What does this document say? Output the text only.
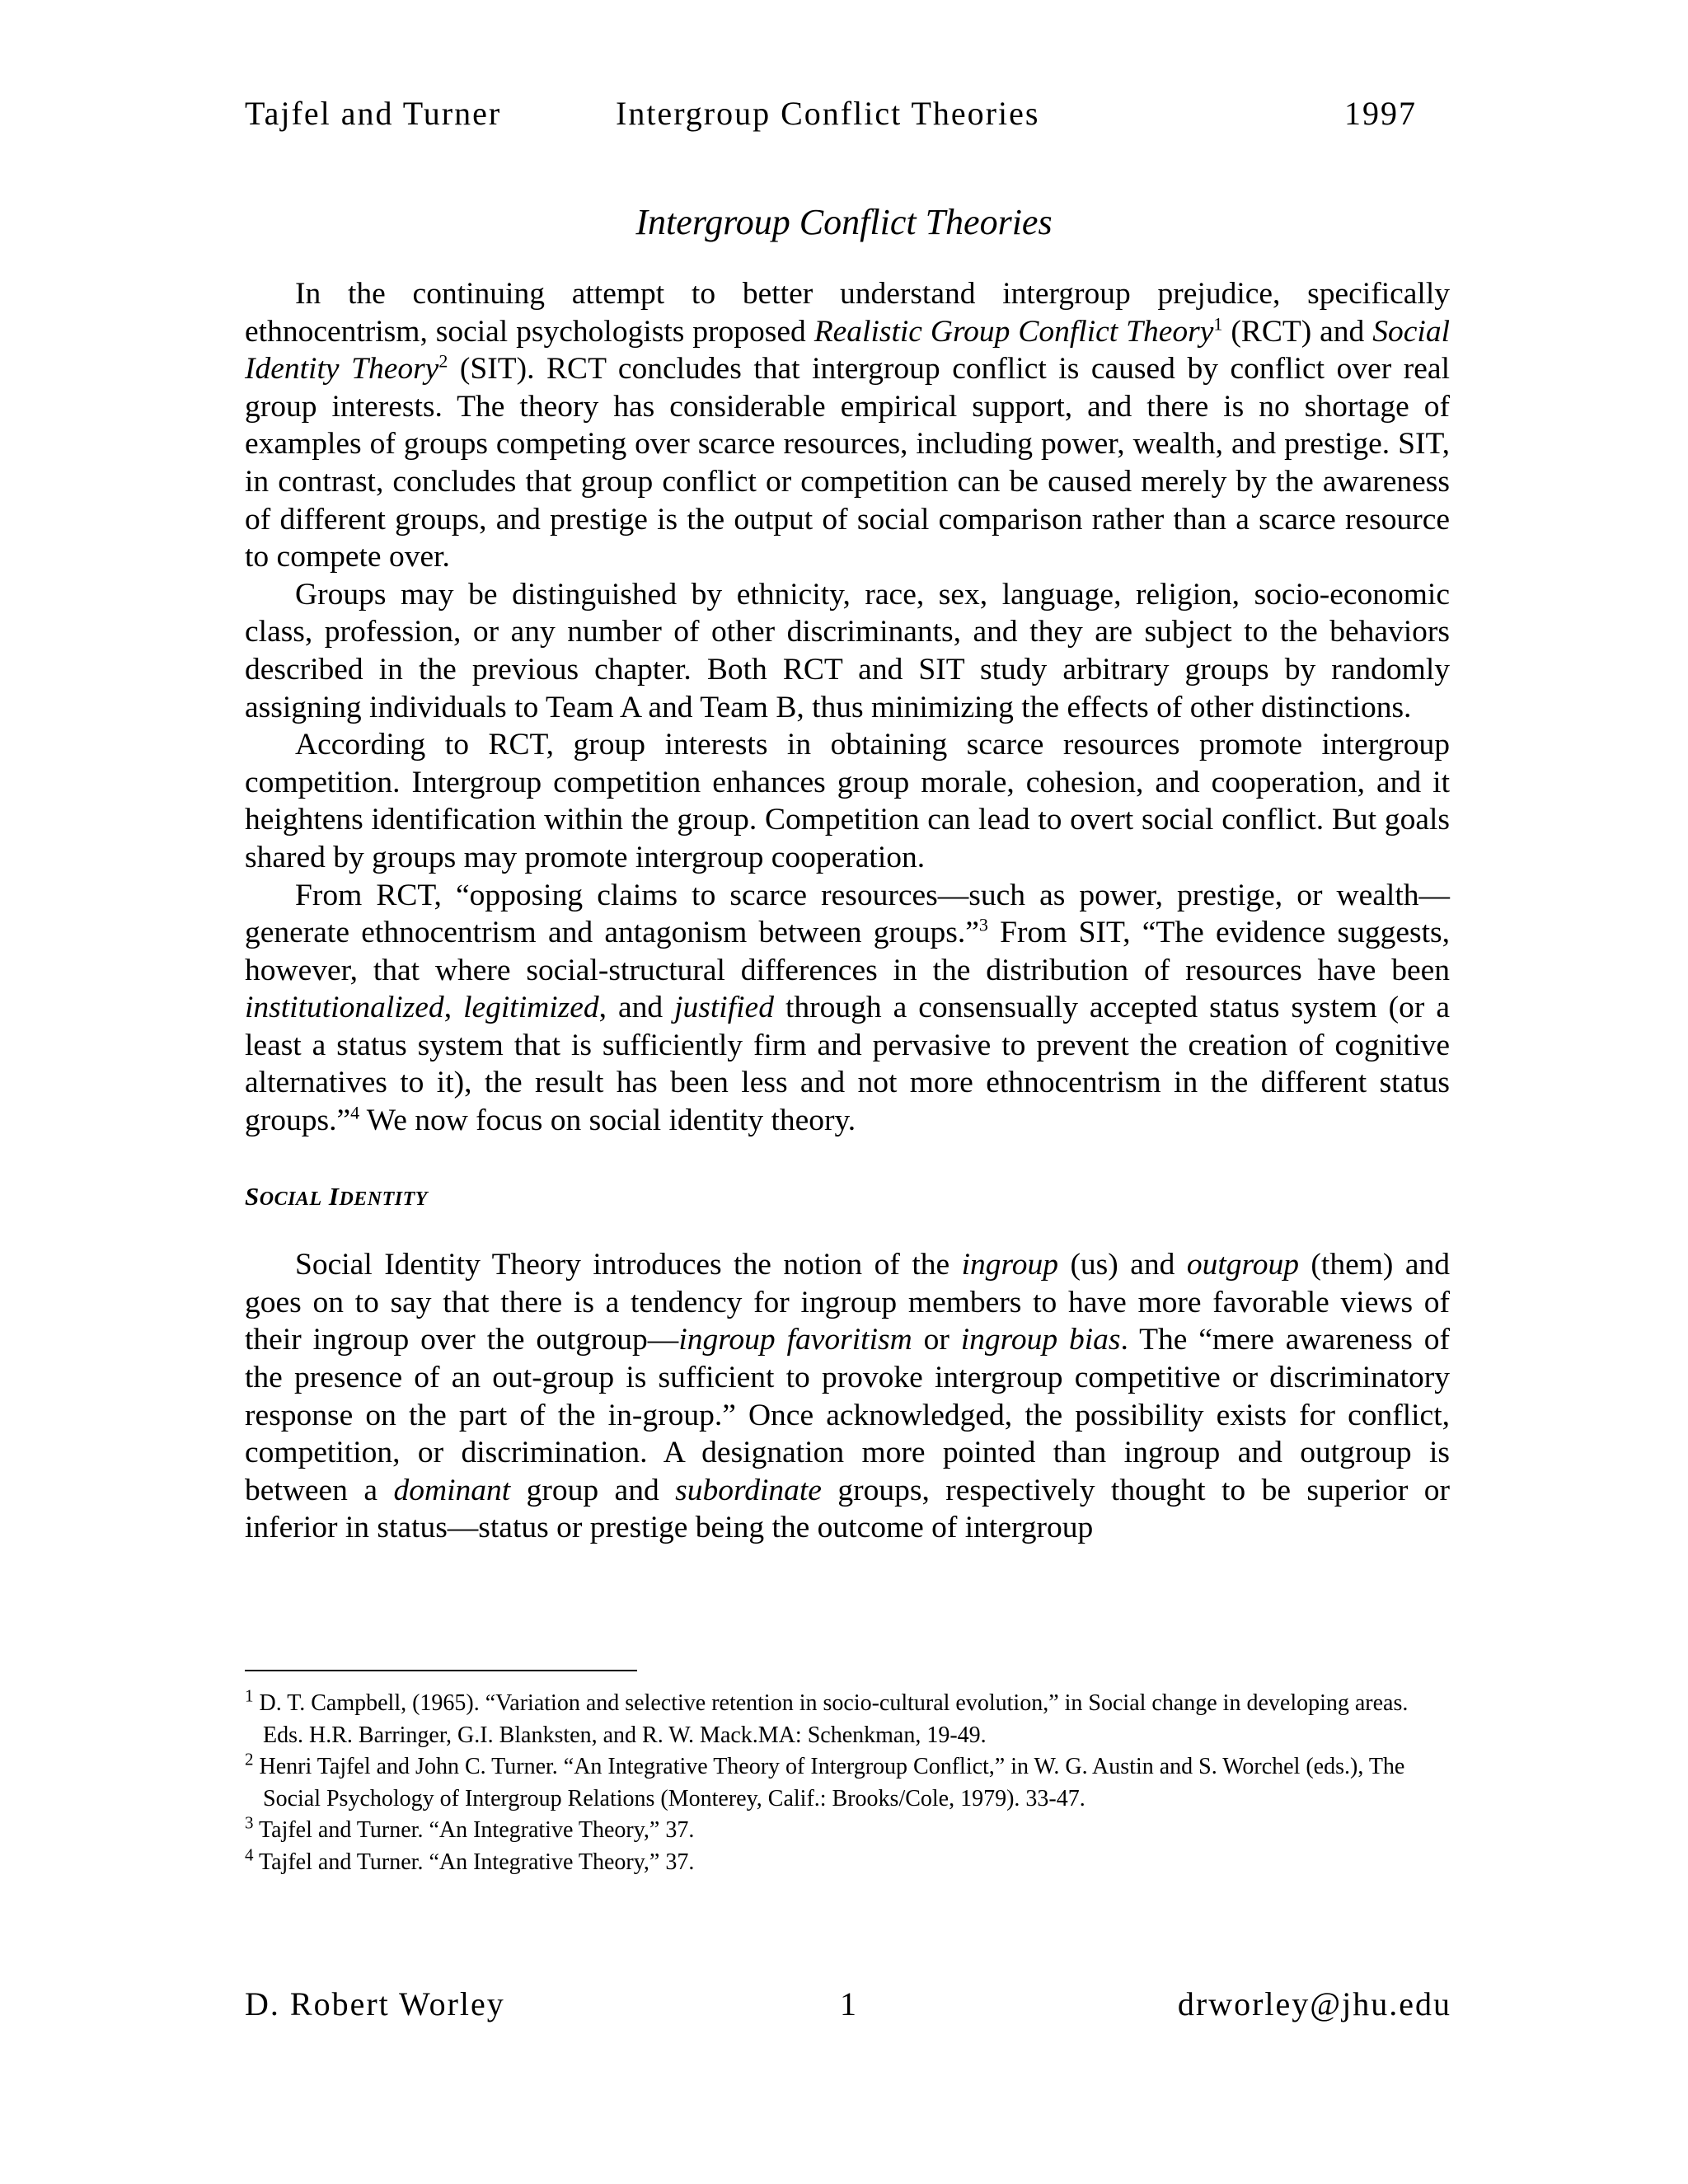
Tajfel and Turner	Intergroup Conflict Theories	1997
Intergroup Conflict Theories

In the continuing attempt to better understand intergroup prejudice, specifically ethnocentrism, social psychologists proposed Realistic Group Conflict Theory$^1$ (RCT) and Social Identity Theory$^2$ (SIT). RCT concludes that intergroup conflict is caused by conflict over real group interests. The theory has considerable empirical support, and there is no shortage of examples of groups competing over scarce resources, including power, wealth, and prestige. SIT, in contrast, concludes that group conflict or competition can be caused merely by the awareness of different groups, and prestige is the output of social comparison rather than a scarce resource to compete over.

Groups may be distinguished by ethnicity, race, sex, language, religion, socio-economic class, profession, or any number of other discriminants, and they are subject to the behaviors described in the previous chapter. Both RCT and SIT study arbitrary groups by randomly assigning individuals to Team A and Team B, thus minimizing the effects of other distinctions.

According to RCT, group interests in obtaining scarce resources promote intergroup competition. Intergroup competition enhances group morale, cohesion, and cooperation, and it heightens identification within the group. Competition can lead to overt social conflict. But goals shared by groups may promote intergroup cooperation.

From RCT, “opposing claims to scarce resources—such as power, prestige, or wealth—generate ethnocentrism and antagonism between groups.”$^3$ From SIT, “The evidence suggests, however, that where social-structural differences in the distribution of resources have been institutionalized, legitimized, and justified through a consensually accepted status system (or a least a status system that is sufficiently firm and pervasive to prevent the creation of cognitive alternatives to it), the result has been less and not more ethnocentrism in the different status groups.”$^4$ We now focus on social identity theory.

SOCIAL IDENTITY

Social Identity Theory introduces the notion of the ingroup (us) and outgroup (them) and goes on to say that there is a tendency for ingroup members to have more favorable views of their ingroup over the outgroup—ingroup favoritism or ingroup bias. The “mere awareness of the presence of an out-group is sufficient to provoke intergroup competitive or discriminatory response on the part of the in-group.” Once acknowledged, the possibility exists for conflict, competition, or discrimination. A designation more pointed than ingroup and outgroup is between a dominant group and subordinate groups, respectively thought to be superior or inferior in status—status or prestige being the outcome of intergroup

$^1$ D. T. Campbell, (1965). “Variation and selective retention in socio-cultural evolution,” in Social change in developing areas. Eds. H.R. Barringer, G.I. Blanksten, and R. W. Mack.MA: Schenkman, 19-49.
$^2$ Henri Tajfel and John C. Turner. “An Integrative Theory of Intergroup Conflict,” in W. G. Austin and S. Worchel (eds.), The Social Psychology of Intergroup Relations (Monterey, Calif.: Brooks/Cole, 1979). 33-47.
$^3$ Tajfel and Turner. “An Integrative Theory,” 37.
$^4$ Tajfel and Turner. “An Integrative Theory,” 37.
D. Robert Worley	1	drworley@jhu.edu
